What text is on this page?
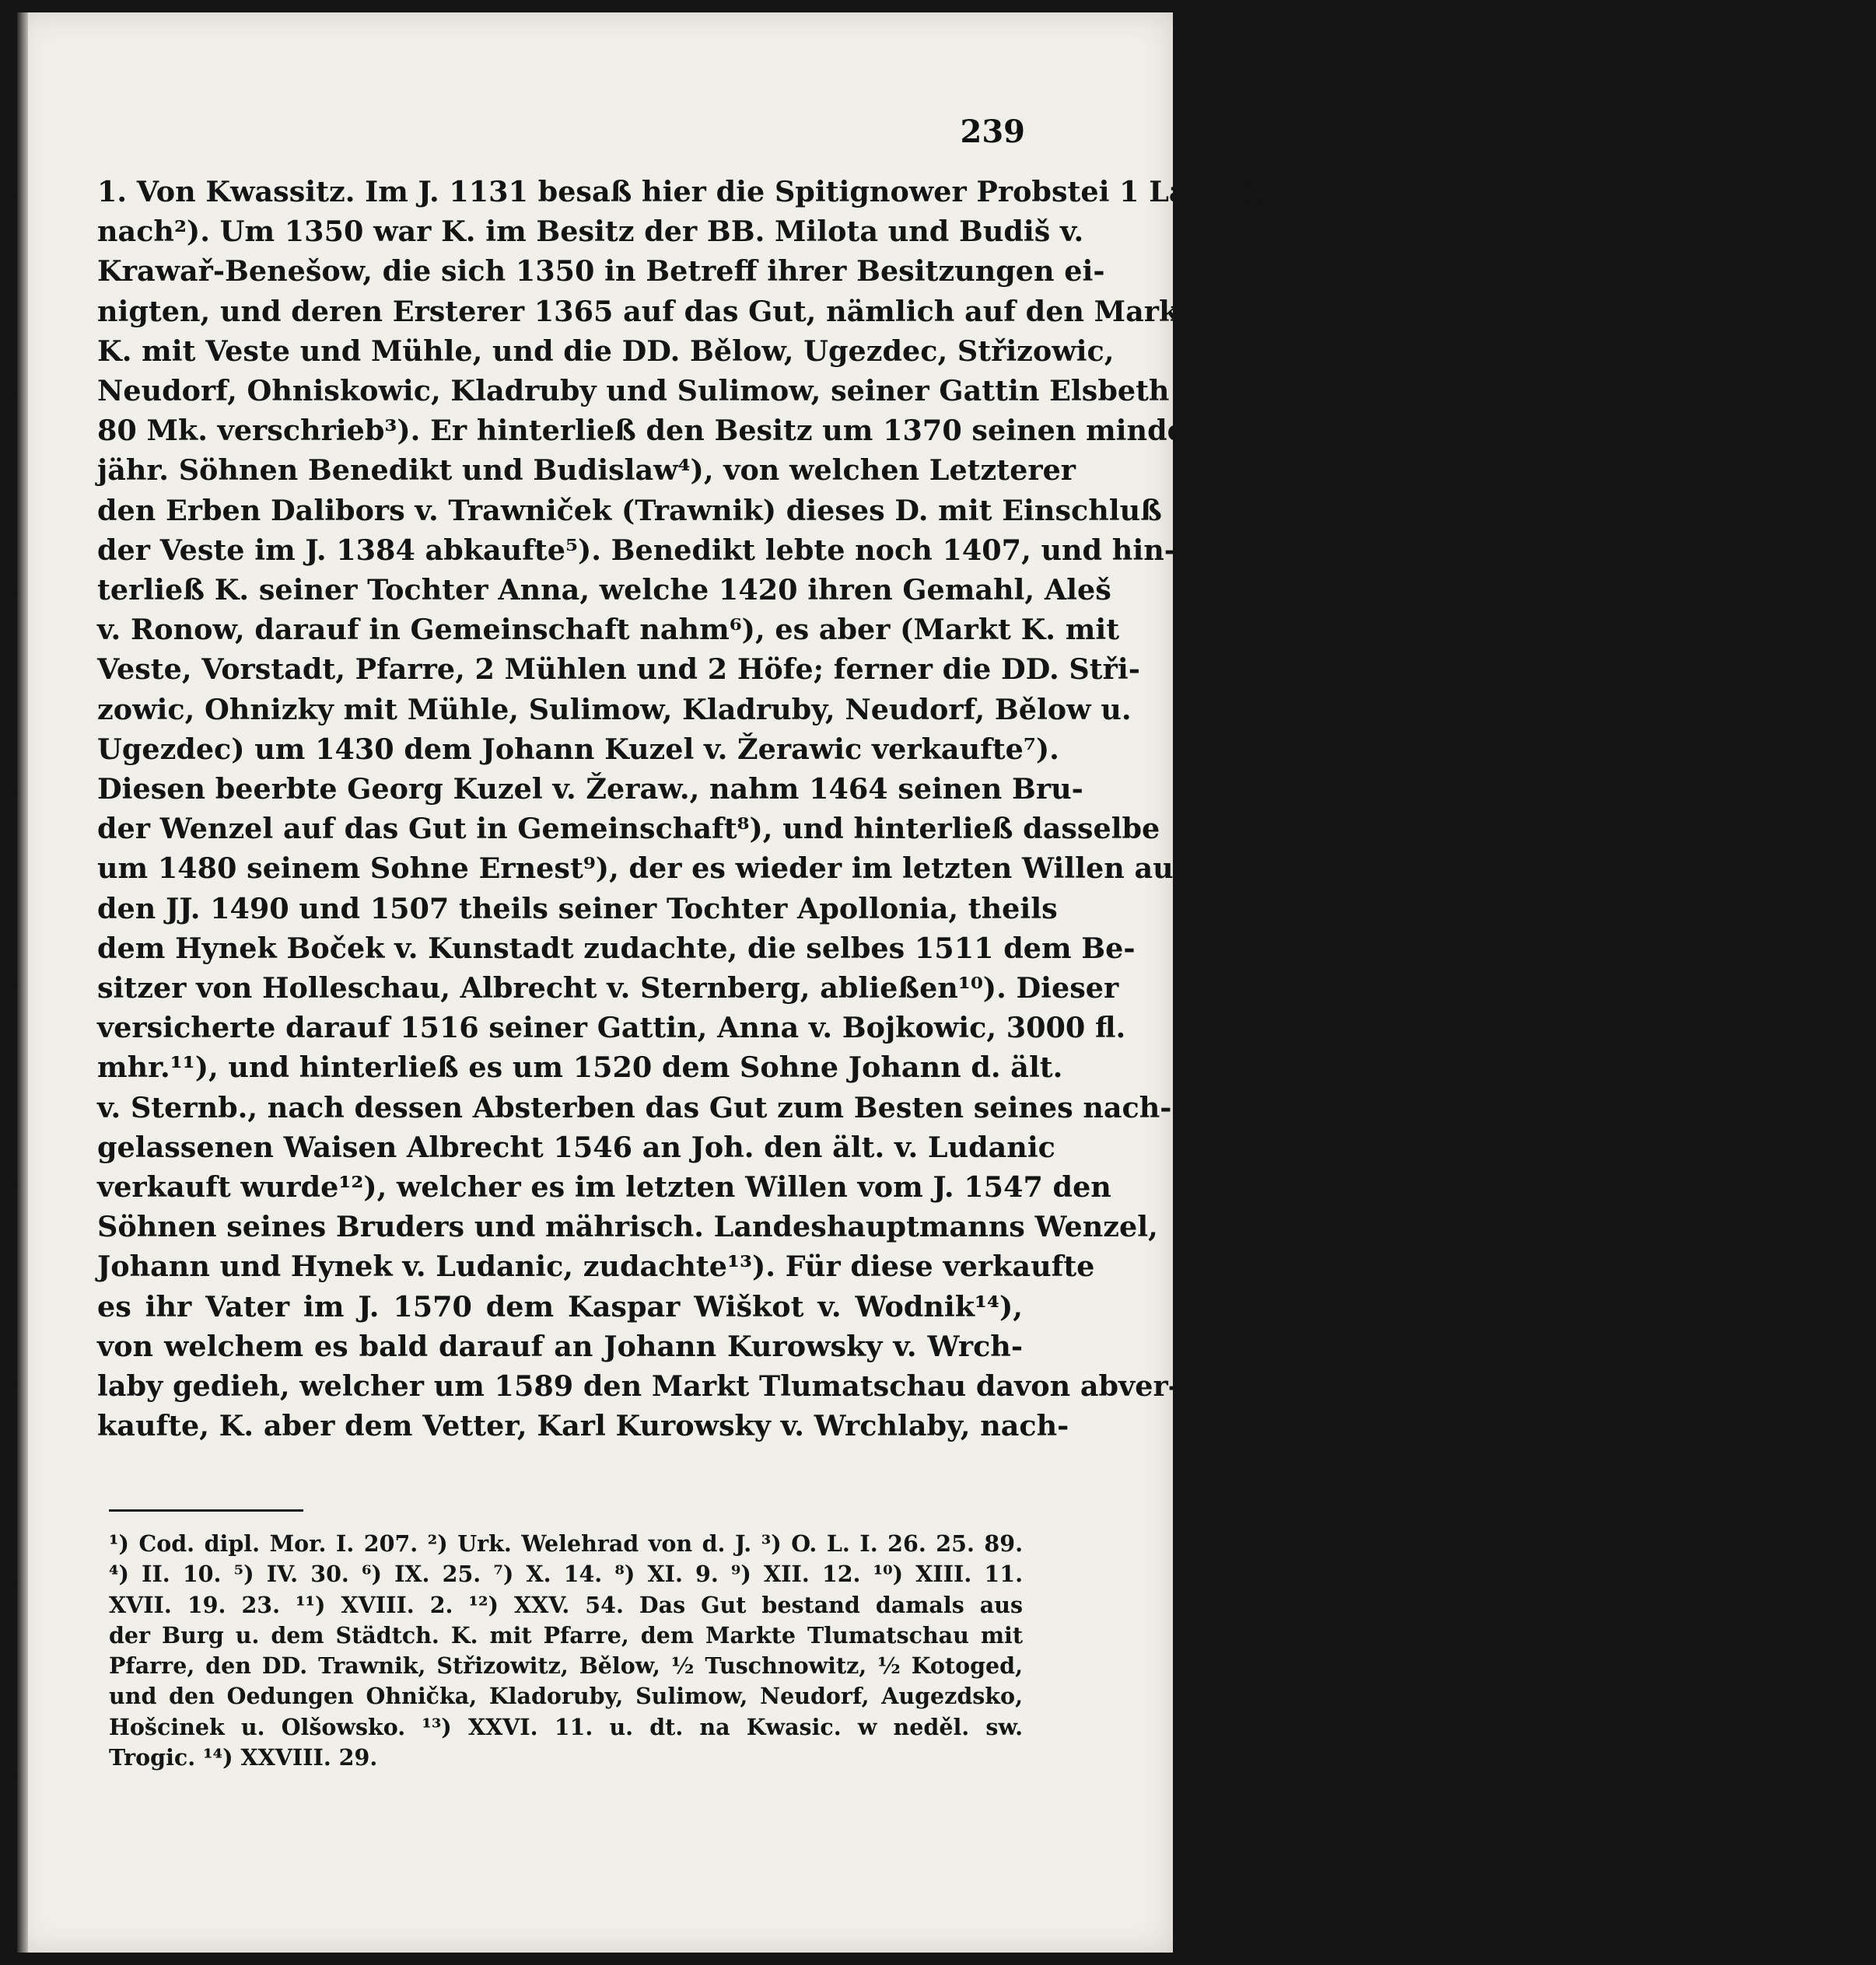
239
1. Von Kwassitz. Im J. 1131 besaß hier die Spitignower Probstei 1 Lahn¹), und 1248 nennt sich ein Andreas dar-
nach²). Um 1350 war K. im Besitz der BB. Milota und Budiš v.
Krawař-Benešow, die sich 1350 in Betreff ihrer Besitzungen ei-
nigten, und deren Ersterer 1365 auf das Gut, nämlich auf den Markt
K. mit Veste und Mühle, und die DD. Bělow, Ugezdec, Střizowic,
Neudorf, Ohniskowic, Kladruby und Sulimow, seiner Gattin Elsbeth
80 Mk. verschrieb³). Er hinterließ den Besitz um 1370 seinen minder-
jähr. Söhnen Benedikt und Budislaw⁴), von welchen Letzterer
den Erben Dalibors v. Trawniček (Trawnik) dieses D. mit Einschluß
der Veste im J. 1384 abkaufte⁵). Benedikt lebte noch 1407, und hin-
terließ K. seiner Tochter Anna, welche 1420 ihren Gemahl, Aleš
v. Ronow, darauf in Gemeinschaft nahm⁶), es aber (Markt K. mit
Veste, Vorstadt, Pfarre, 2 Mühlen und 2 Höfe; ferner die DD. Stři-
zowic, Ohnizky mit Mühle, Sulimow, Kladruby, Neudorf, Bělow u.
Ugezdec) um 1430 dem Johann Kuzel v. Žerawic verkaufte⁷).
Diesen beerbte Georg Kuzel v. Žeraw., nahm 1464 seinen Bru-
der Wenzel auf das Gut in Gemeinschaft⁸), und hinterließ dasselbe
um 1480 seinem Sohne Ernest⁹), der es wieder im letzten Willen aus
den JJ. 1490 und 1507 theils seiner Tochter Apollonia, theils
dem Hynek Boček v. Kunstadt zudachte, die selbes 1511 dem Be-
sitzer von Holleschau, Albrecht v. Sternberg, abließen¹⁰). Dieser
versicherte darauf 1516 seiner Gattin, Anna v. Bojkowic, 3000 fl.
mhr.¹¹), und hinterließ es um 1520 dem Sohne Johann d. ält.
v. Sternb., nach dessen Absterben das Gut zum Besten seines nach-
gelassenen Waisen Albrecht 1546 an Joh. den ält. v. Ludanic
verkauft wurde¹²), welcher es im letzten Willen vom J. 1547 den
Söhnen seines Bruders und mährisch. Landeshauptmanns Wenzel,
Johann und Hynek v. Ludanic, zudachte¹³). Für diese verkaufte
es ihr Vater im J. 1570 dem Kaspar Wiškot v. Wodnik¹⁴),
von welchem es bald darauf an Johann Kurowsky v. Wrch-
laby gedieh, welcher um 1589 den Markt Tlumatschau davon abver-
kaufte, K. aber dem Vetter, Karl Kurowsky v. Wrchlaby, nach-
¹) Cod. dipl. Mor. I. 207. ²) Urk. Welehrad von d. J. ³) O. L. I. 26. 25. 89.
⁴) II. 10. ⁵) IV. 30. ⁶) IX. 25. ⁷) X. 14. ⁸) XI. 9. ⁹) XII. 12. ¹⁰) XIII. 11.
XVII. 19. 23. ¹¹) XVIII. 2. ¹²) XXV. 54. Das Gut bestand damals aus
der Burg u. dem Städtch. K. mit Pfarre, dem Markte Tlumatschau mit
Pfarre, den DD. Trawnik, Střizowitz, Bělow, ½ Tuschnowitz, ½ Kotoged, und den Oedungen Ohnička, Kladoruby, Sulimow, Neudorf, Augezdsko, Hošcinek u. Olšowsko. ¹³) XXVI. 11. u. dt. na Kwasic. w neděl. sw.
Trogic. ¹⁴) XXVIII. 29.
